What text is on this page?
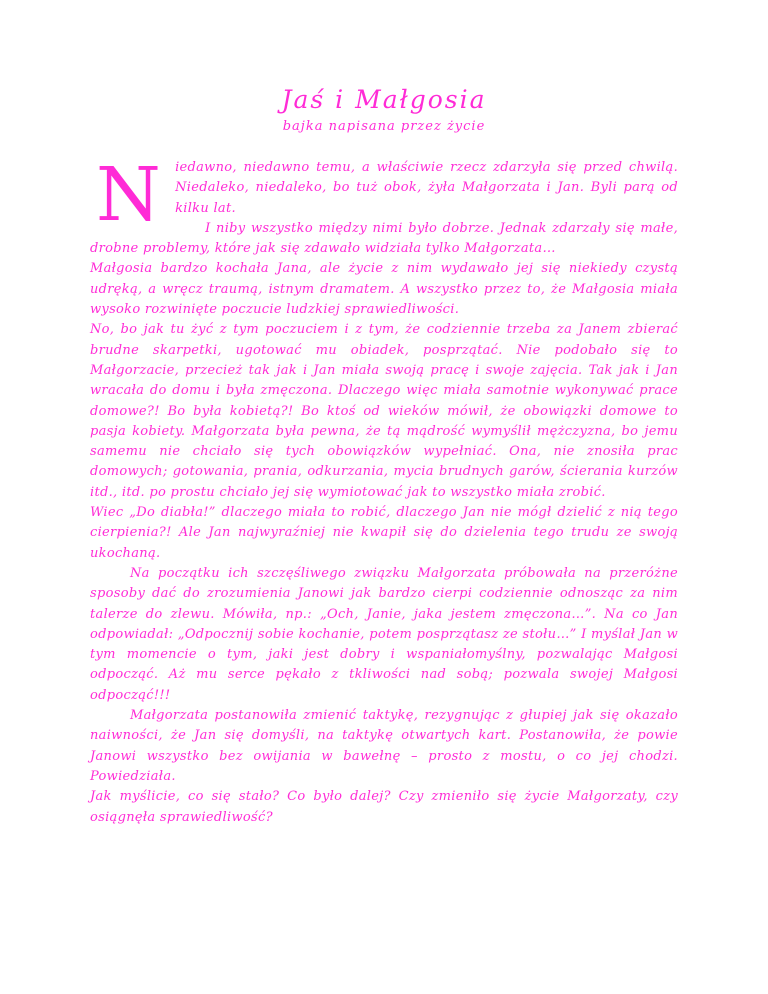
Jaś i Małgosia
bajka napisana przez życie

N iedawno, niedawno temu, a właściwie rzecz zdarzyła się przed chwilą. Niedaleko, niedaleko, bo tuż obok, żyła Małgorzata i Jan. Byli parą od kilku lat.

I niby wszystko między nimi było dobrze. Jednak zdarzały się małe, drobne problemy, które jak się zdawało widziała tylko Małgorzata…

Małgosia bardzo kochała Jana, ale życie z nim wydawało jej się niekiedy czystą udręką, a wręcz traumą, istnym dramatem. A wszystko przez to, że Małgosia miała wysoko rozwinięte poczucie ludzkiej sprawiedliwości.

No, bo jak tu żyć z tym poczuciem i z tym, że codziennie trzeba za Janem zbierać brudne skarpetki, ugotować mu obiadek, posprzątać. Nie podobało się to Małgorzacie, przecież tak jak i Jan miała swoją pracę i swoje zajęcia. Tak jak i Jan wracała do domu i była zmęczona. Dlaczego więc miała samotnie wykonywać prace domowe?! Bo była kobietą?! Bo ktoś od wieków mówił, że obowiązki domowe to pasja kobiety. Małgorzata była pewna, że tą mądrość wymyślił mężczyzna, bo jemu samemu nie chciało się tych obowiązków wypełniać. Ona, nie znosiła prac domowych; gotowania, prania, odkurzania, mycia brudnych garów, ścierania kurzów itd., itd. po prostu chciało jej się wymiotować jak to wszystko miała zrobić.

Wiec „Do diabła!” dlaczego miała to robić, dlaczego Jan nie mógł dzielić z nią tego cierpienia?! Ale Jan najwyraźniej nie kwapił się do dzielenia tego trudu ze swoją ukochaną.

Na początku ich szczęśliwego związku Małgorzata próbowała na przeróżne sposoby dać do zrozumienia Janowi jak bardzo cierpi codziennie odnosząc za nim talerze do zlewu. Mówiła, np.: „Och, Janie, jaka jestem zmęczona…”. Na co Jan odpowiadał: „Odpocznij sobie kochanie, potem posprzątasz ze stołu…” I myślał Jan w tym momencie o tym, jaki jest dobry i wspaniałomyślny, pozwalając Małgosi odpocząć. Aż mu serce pękało z tkliwości nad sobą; pozwala swojej Małgosi odpocząć!!!

Małgorzata postanowiła zmienić taktykę, rezygnując z głupiej jak się okazało naiwności, że Jan się domyśli, na taktykę otwartych kart. Postanowiła, że powie Janowi wszystko bez owijania w bawełnę – prosto z mostu, o co jej chodzi. Powiedziała.

Jak myślicie, co się stało? Co było dalej? Czy zmieniło się życie Małgorzaty, czy osiągnęła sprawiedliwość?
